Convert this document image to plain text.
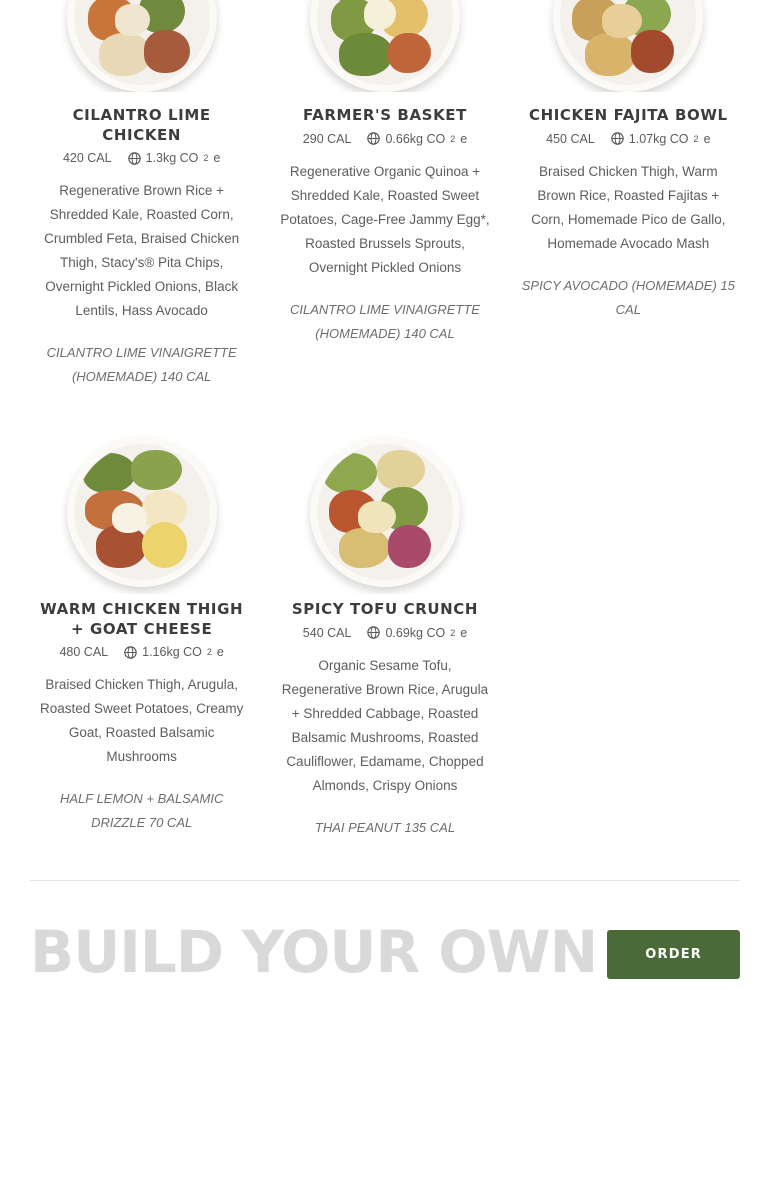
CILANTRO LIME CHICKEN
420 CAL	1.3kg CO 2 e

Regenerative Brown Rice + Shredded Kale, Roasted Corn, Crumbled Feta, Braised Chicken Thigh, Stacy's® Pita Chips, Overnight Pickled Onions, Black Lentils, Hass Avocado

CILANTRO LIME VINAIGRETTE (HOMEMADE) 140 CAL

FARMER'S BASKET
290 CAL	0.66kg CO 2 e

Regenerative Organic Quinoa + Shredded Kale, Roasted Sweet Potatoes, Cage-Free Jammy Egg*, Roasted Brussels Sprouts, Overnight Pickled Onions

CILANTRO LIME VINAIGRETTE (HOMEMADE) 140 CAL

CHICKEN FAJITA BOWL
450 CAL	1.07kg CO 2 e

Braised Chicken Thigh, Warm Brown Rice, Roasted Fajitas + Corn, Homemade Pico de Gallo, Homemade Avocado Mash

SPICY AVOCADO (HOMEMADE) 15 CAL

WARM CHICKEN THIGH + GOAT CHEESE
480 CAL	1.16kg CO 2 e

Braised Chicken Thigh, Arugula, Roasted Sweet Potatoes, Creamy Goat, Roasted Balsamic Mushrooms

HALF LEMON + BALSAMIC DRIZZLE 70 CAL

SPICY TOFU CRUNCH
540 CAL	0.69kg CO 2 e

Organic Sesame Tofu, Regenerative Brown Rice, Arugula + Shredded Cabbage, Roasted Balsamic Mushrooms, Roasted Cauliflower, Edamame, Chopped Almonds, Crispy Onions

THAI PEANUT 135 CAL

BUILD YOUR OWN	ORDER
